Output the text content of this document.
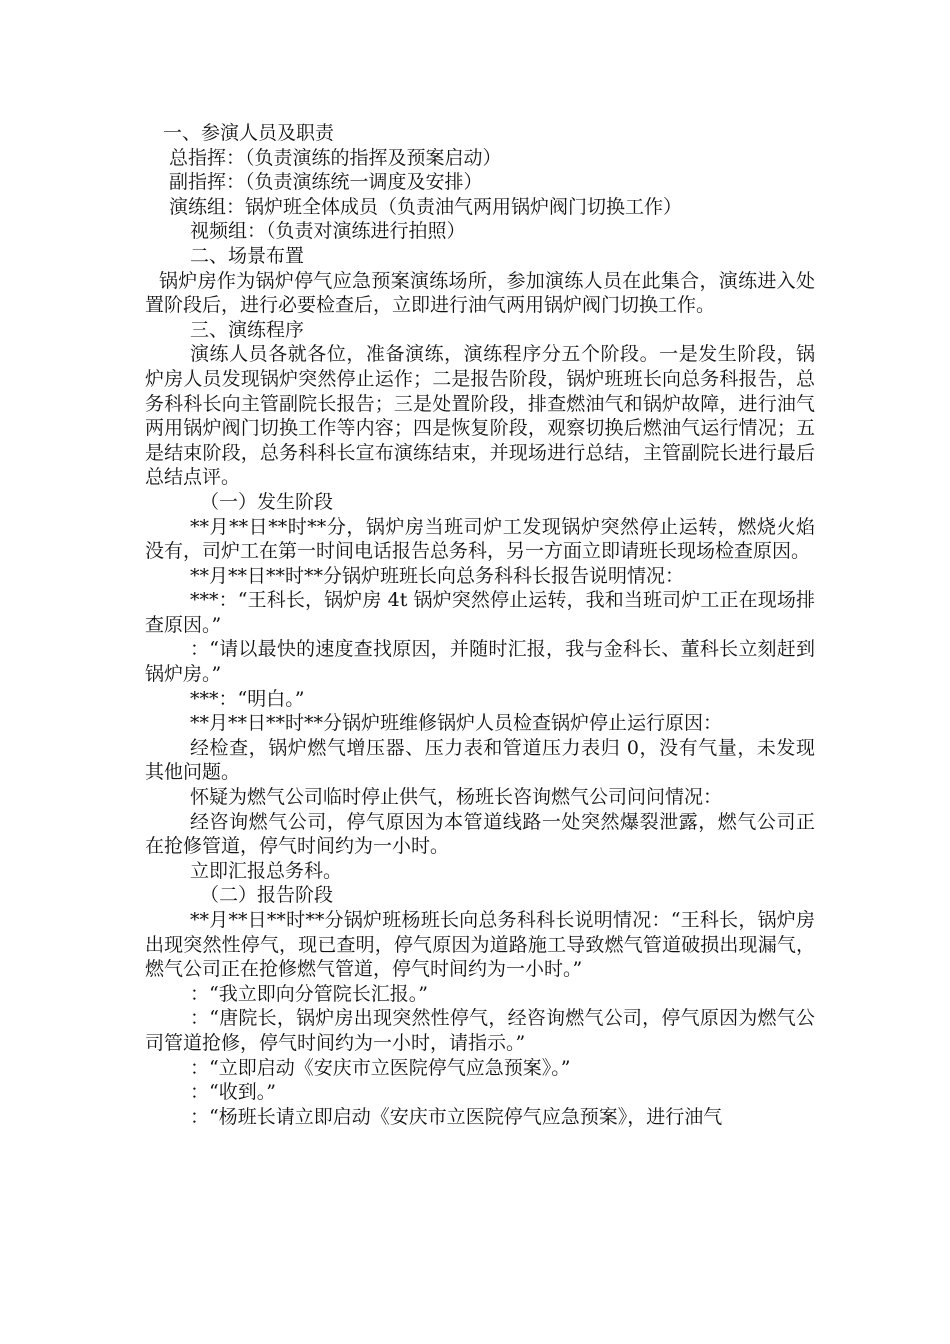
一、参演人员及职责

总指挥：（负责演练的指挥及预案启动）

副指挥：（负责演练统一调度及安排）

演练组：锅炉班全体成员（负责油气两用锅炉阀门切换工作）

视频组：（负责对演练进行拍照）

二、场景布置

锅炉房作为锅炉停气应急预案演练场所，参加演练人员在此集合，演练进入处置阶段后，进行必要检查后，立即进行油气两用锅炉阀门切换工作。

三、演练程序

演练人员各就各位，准备演练，演练程序分五个阶段。一是发生阶段，锅炉房人员发现锅炉突然停止运作；二是报告阶段，锅炉班班长向总务科报告，总务科科长向主管副院长报告；三是处置阶段，排查燃油气和锅炉故障，进行油气两用锅炉阀门切换工作等内容；四是恢复阶段，观察切换后燃油气运行情况；五是结束阶段，总务科科长宣布演练结束，并现场进行总结，主管副院长进行最后总结点评。

（一）发生阶段

**月**日**时**分，锅炉房当班司炉工发现锅炉突然停止运转，燃烧火焰没有，司炉工在第一时间电话报告总务科，另一方面立即请班长现场检查原因。

**月**日**时**分锅炉班班长向总务科科长报告说明情况：

***：“王科长，锅炉房 4t 锅炉突然停止运转，我和当班司炉工正在现场排查原因。”

：“请以最快的速度查找原因，并随时汇报，我与金科长、董科长立刻赶到锅炉房。”

***：“明白。”

**月**日**时**分锅炉班维修锅炉人员检查锅炉停止运行原因：

经检查，锅炉燃气增压器、压力表和管道压力表归 0，没有气量，未发现其他问题。

怀疑为燃气公司临时停止供气，杨班长咨询燃气公司问问情况：

经咨询燃气公司，停气原因为本管道线路一处突然爆裂泄露，燃气公司正在抢修管道，停气时间约为一小时。

立即汇报总务科。

（二）报告阶段

**月**日**时**分锅炉班杨班长向总务科科长说明情况：“王科长，锅炉房出现突然性停气，现已查明，停气原因为道路施工导致燃气管道破损出现漏气，燃气公司正在抢修燃气管道，停气时间约为一小时。”

：“我立即向分管院长汇报。”

：“唐院长，锅炉房出现突然性停气，经咨询燃气公司，停气原因为燃气公司管道抢修，停气时间约为一小时，请指示。”

：“立即启动《安庆市立医院停气应急预案》。”

：“收到。”

：“杨班长请立即启动《安庆市立医院停气应急预案》，进行油气
